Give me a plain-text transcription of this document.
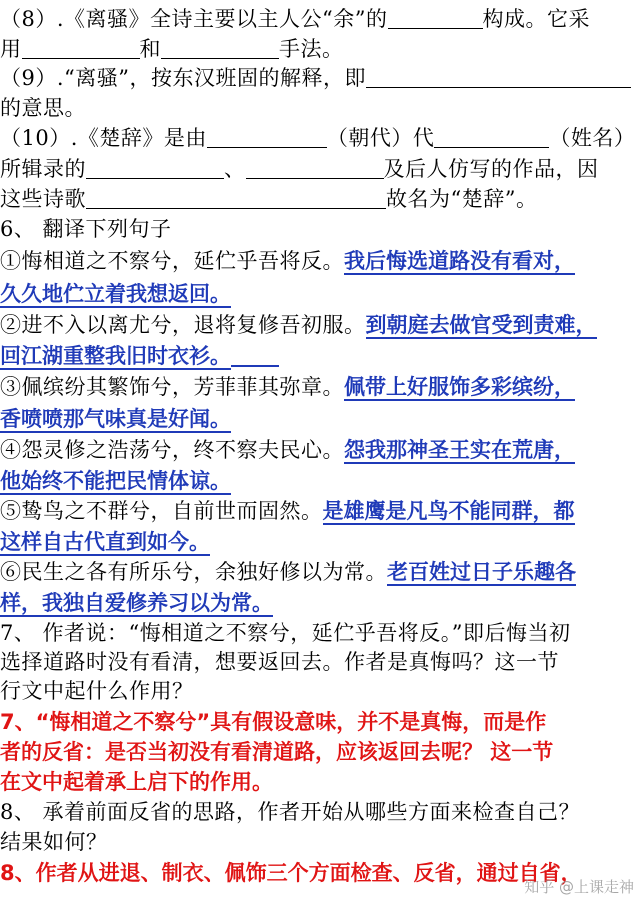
（8）.《离骚》全诗主要以主人公“余”的	构成。它采
用	和	手法。
（9）.“离骚”，按东汉班固的解释，即
的意思。
（10）.《楚辞》是由	（朝代）代	（姓名）
所辑录的	、	及后人仿写的作品，因
这些诗歌	故名为“楚辞”。
6、 翻译下列句子
①悔相道之不察兮，延伫乎吾将反。我后悔选道路没有看对，
久久地伫立着我想返回。
②进不入以离尤兮，退将复修吾初服。到朝庭去做官受到责难，
回江湖重整我旧时衣衫。
③佩缤纷其繁饰兮，芳菲菲其弥章。佩带上好服饰多彩缤纷，
香喷喷那气味真是好闻。
④怨灵修之浩荡兮，终不察夫民心。怨我那神圣王实在荒唐，
他始终不能把民情体谅。
⑤鸷鸟之不群兮，自前世而固然。是雄鹰是凡鸟不能同群，都
这样自古代直到如今。
⑥民生之各有所乐兮，余独好修以为常。老百姓过日子乐趣各
样，我独自爱修养习以为常。
7、 作者说：“悔相道之不察兮，延伫乎吾将反。”即后悔当初
选择道路时没有看清，想要返回去。作者是真悔吗？这一节
行文中起什么作用？
7、“悔相道之不察兮”具有假设意味，并不是真悔，而是作
者的反省：是否当初没有看清道路，应该返回去呢？ 这一节
在文中起着承上启下的作用。
8、 承着前面反省的思路，作者开始从哪些方面来检查自己？
结果如何？
8、作者从进退、制衣、佩饰三个方面检查、反省，通过自省，
知乎 @上课走神
